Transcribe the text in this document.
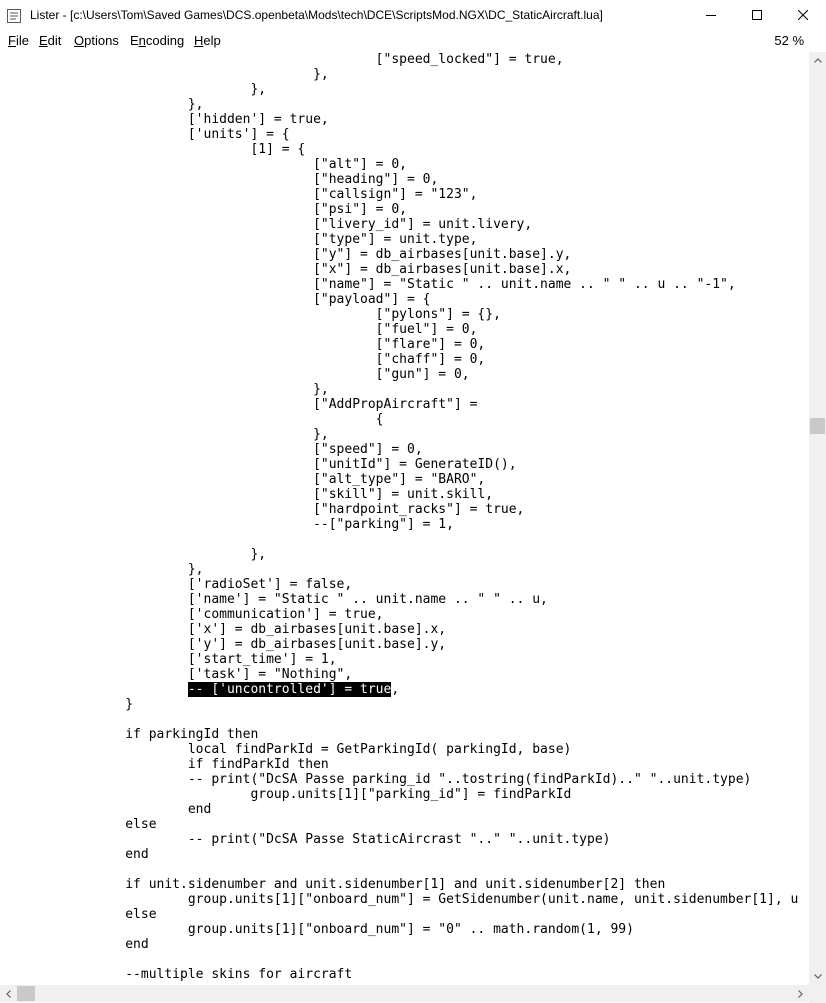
Lister - [c:\Users\Tom\Saved Games\DCS.openbeta\Mods\tech\DCE\ScriptsMod.NGX\DC_StaticAircraft.lua]
File Edit Options Encoding Help	52 %
["speed_locked"] = true,
},
},
},
['hidden'] = true,
['units'] = {
[1] = {
["alt"] = 0,
["heading"] = 0,
["callsign"] = "123",
["psi"] = 0,
["livery_id"] = unit.livery,
["type"] = unit.type,
["y"] = db_airbases[unit.base].y,
["x"] = db_airbases[unit.base].x,
["name"] = "Static " .. unit.name .. " " .. u .. "-1",
["payload"] = {
["pylons"] = {},
["fuel"] = 0,
["flare"] = 0,
["chaff"] = 0,
["gun"] = 0,
},
["AddPropAircraft"] =
{
},
["speed"] = 0,
["unitId"] = GenerateID(),
["alt_type"] = "BARO",
["skill"] = unit.skill,
["hardpoint_racks"] = true,
--["parking"] = 1,
},
},
['radioSet'] = false,
['name'] = "Static " .. unit.name .. " " .. u,
['communication'] = true,
['x'] = db_airbases[unit.base].x,
['y'] = db_airbases[unit.base].y,
['start_time'] = 1,
['task'] = "Nothing",
-- ['uncontrolled'] = true,
}
if parkingId then
local findParkId = GetParkingId( parkingId, base)
if findParkId then
-- print("DcSA Passe parking_id "..tostring(findParkId).." "..unit.type)
group.units[1]["parking_id"] = findParkId
end
else
-- print("DcSA Passe StaticAircrast ".." "..unit.type)
end
if unit.sidenumber and unit.sidenumber[1] and unit.sidenumber[2] then
group.units[1]["onboard_num"] = GetSidenumber(unit.name, unit.sidenumber[1], u
else
group.units[1]["onboard_num"] = "0" .. math.random(1, 99)
end
--multiple skins for aircraft
